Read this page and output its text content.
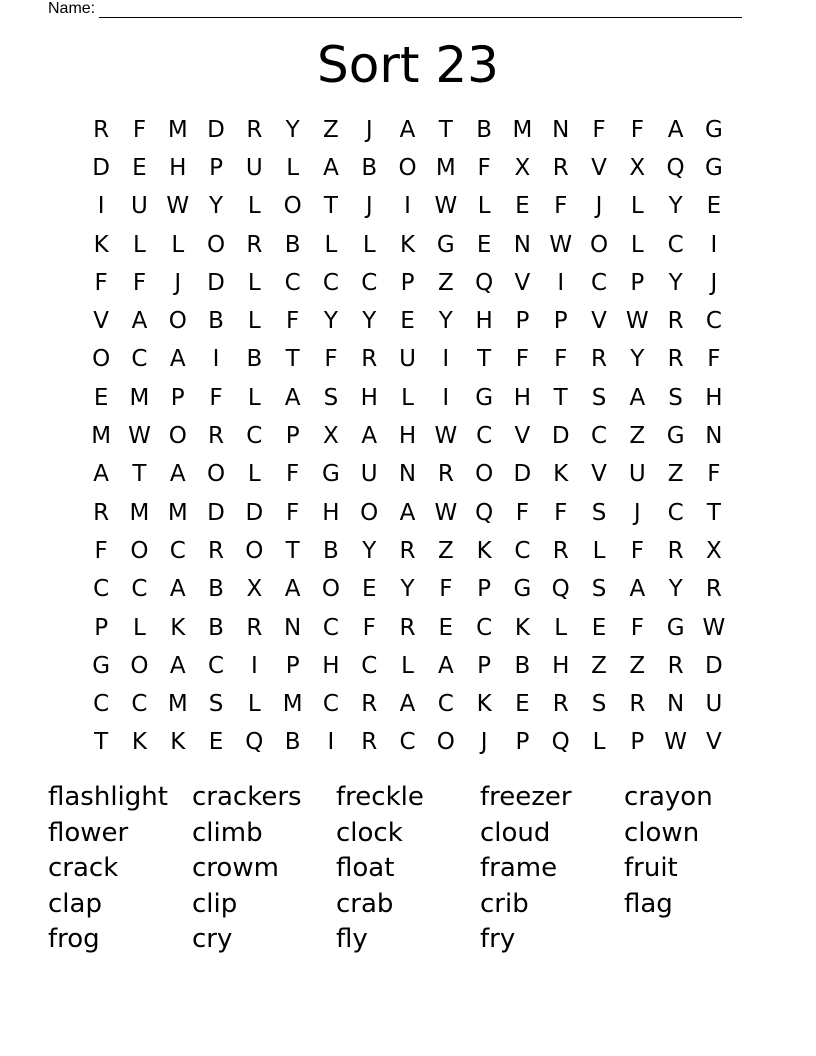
Name:
Sort 23
R	F M D R	Y	Z	J	A	T	B M N	F	F	A G
D E H P U	L	A B O M F	X R V X Q G
I	U W Y	L O T	J	I	W L	E	F	J	L	Y	E
K	L	L O R B	L	L	K G E N W O L	C	I
F	F	J	D	L	C C C	P	Z Q V	I	C	P	Y	J
V A O B	L	F	Y	Y	E	Y H P	P	V W R C
O C A	I	B	T	F	R U	I	T	F	F	R	Y	R	F
E M P	F	L	A	S H	L	I	G H T	S	A	S H
M W O R C	P	X A H W C V D C Z G N
A	T	A O L	F G U N R O D K V U Z	F
R M M D D F	H O A W Q F	F	S	J	C	T
F O C R O T	B	Y	R Z K C R	L	F	R X
C C A B X A O E	Y	F	P G Q S	A	Y	R
P	L	K B R N C	F	R	E C K	L	E	F G W
G O A C	I	P H C	L	A	P	B H Z Z R D
C C M S	L M C R A C K	E	R	S	R N U
T	K	K	E Q B	I	R C O	J	P Q L	P W V
flashlight crackers	freckle	freezer	crayon
flower	climb	clock	cloud	clown
crack	crowm	float	frame	fruit
clap	clip	crab	crib	flag
frog	cry	fly	fry
